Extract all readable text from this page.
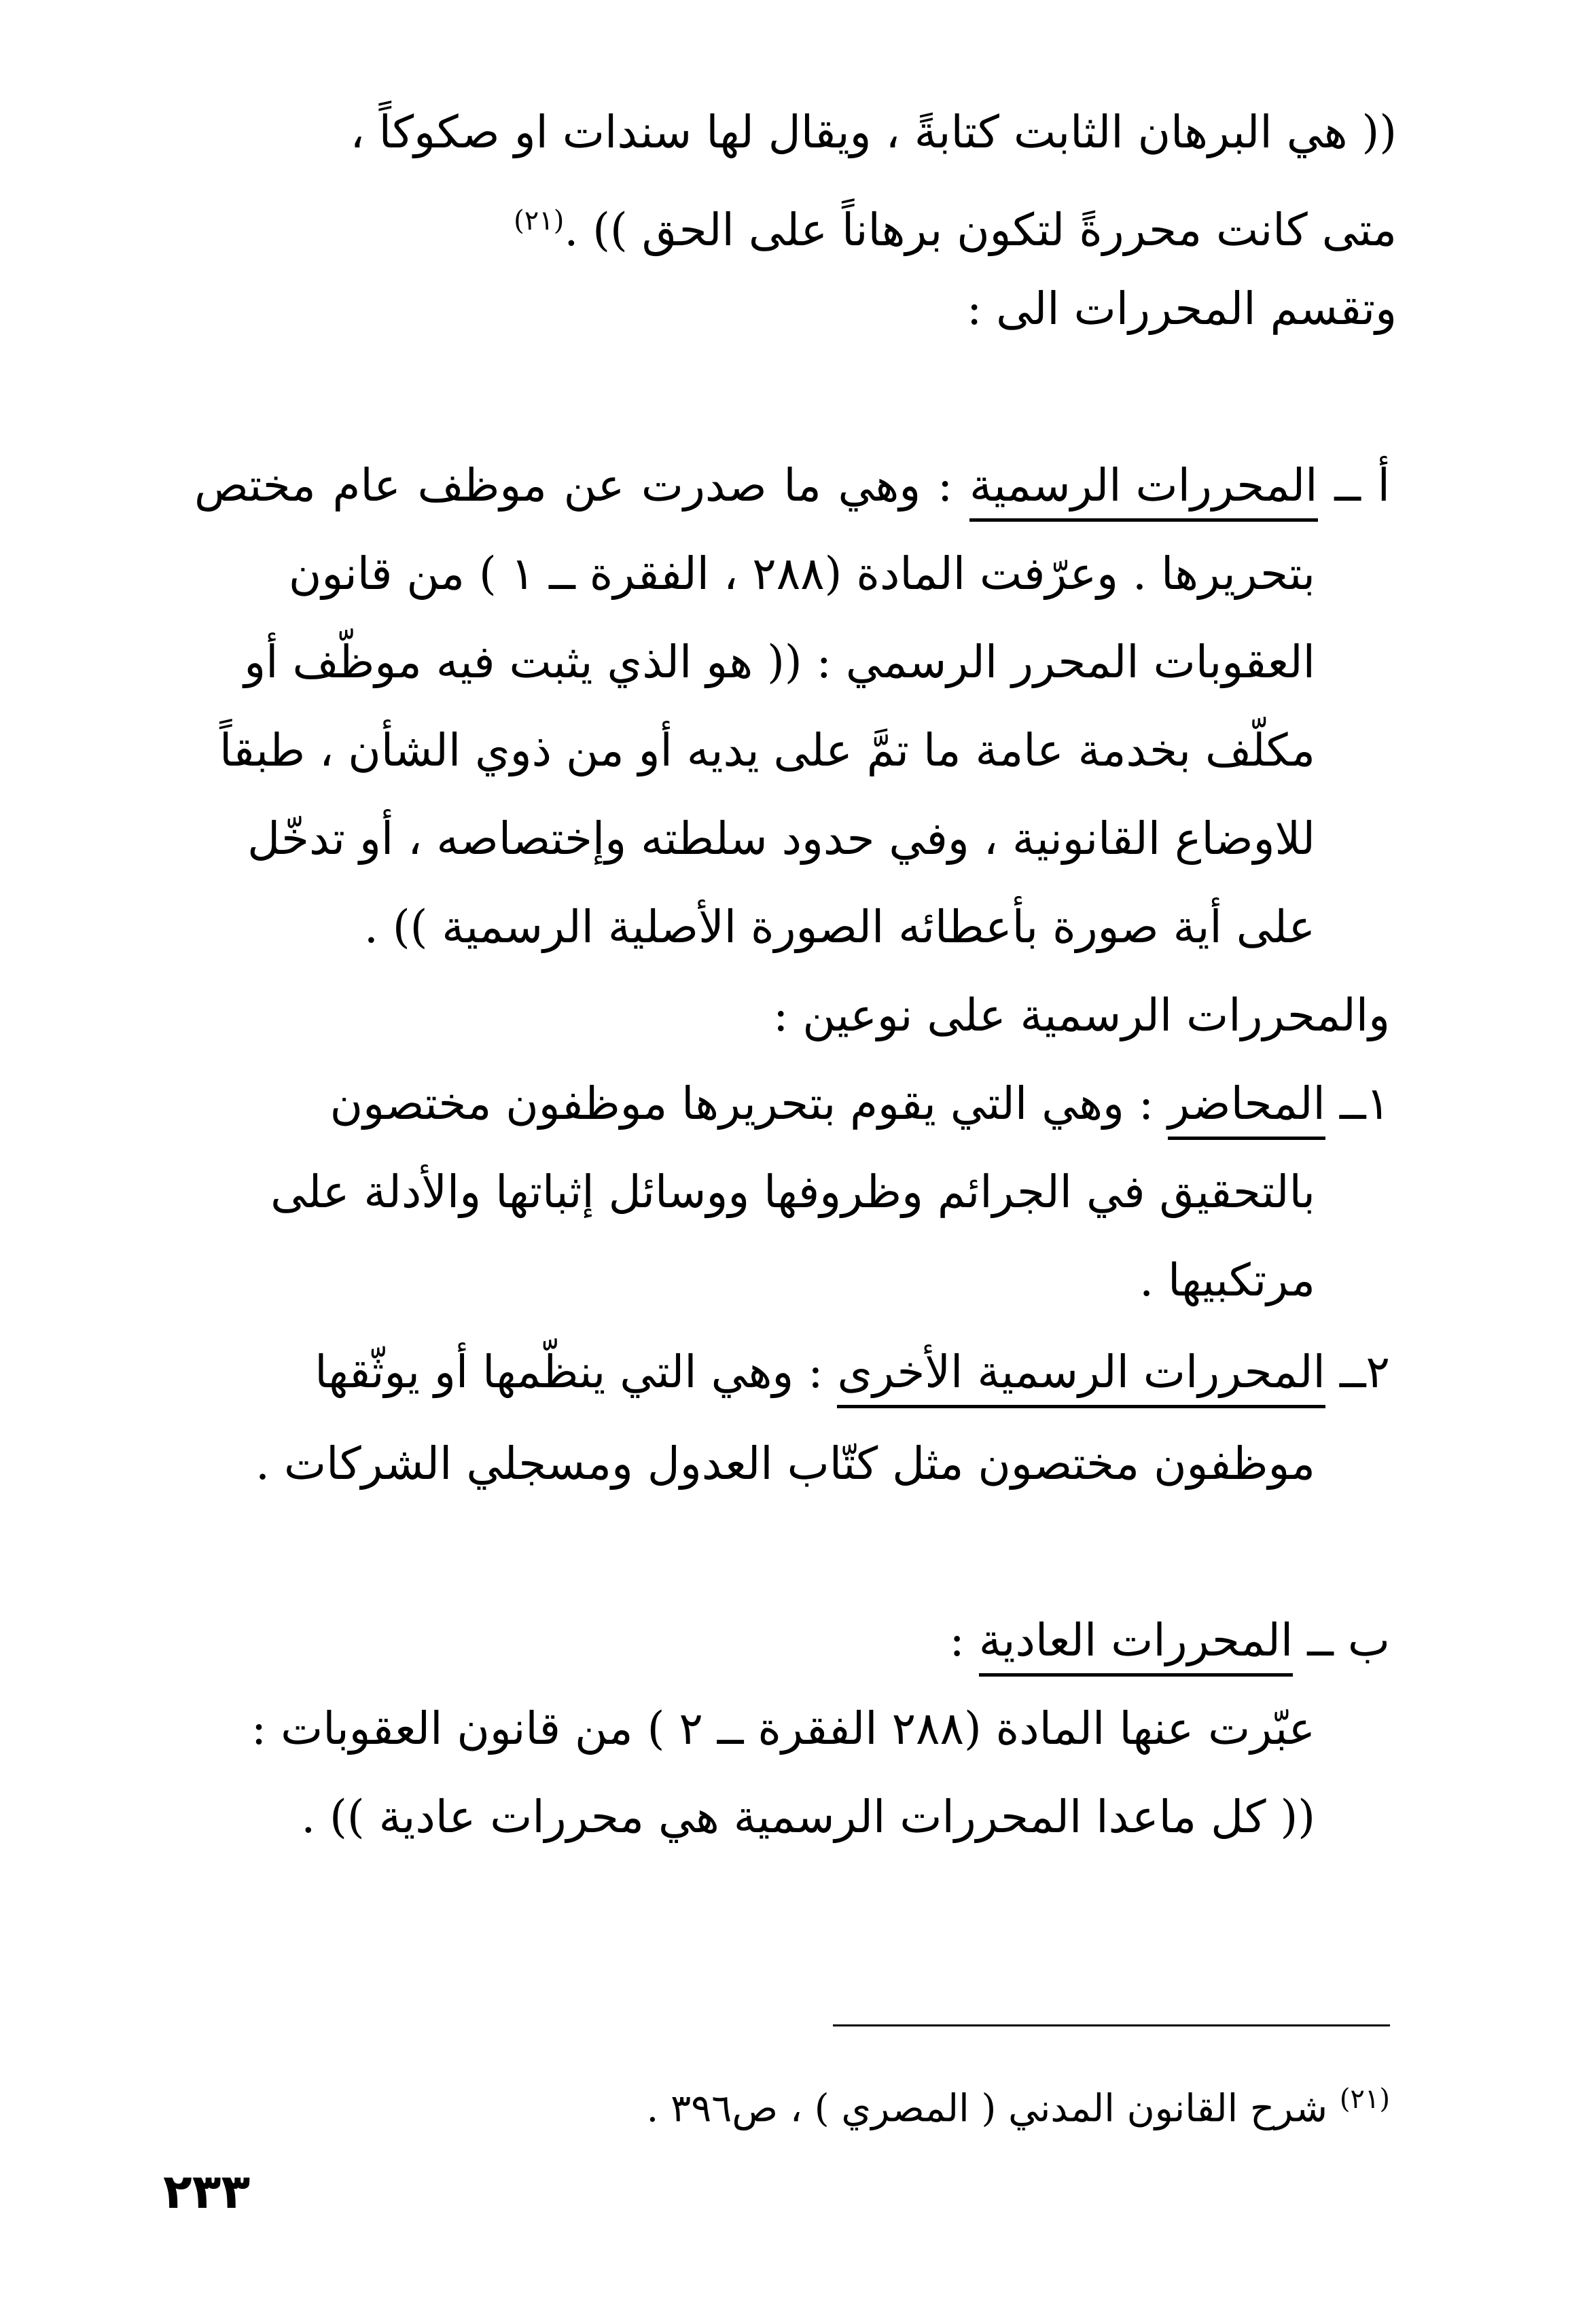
(( هي البرهان الثابت كتابةً ، ويقال لها سندات او صكوكاً ،
متى كانت محررةً لتكون برهاناً على الحق )) .$^{(٢١)}$
وتقسم المحررات الى :
أ ــ المحررات الرسمية : وهي ما صدرت عن موظف عام مختص
بتحريرها . وعرّفت المادة (٢٨٨ ، الفقرة ــ ١ ) من قانون
العقوبات المحرر الرسمي : (( هو الذي يثبت فيه موظّف أو
مكلّف بخدمة عامة ما تمَّ على يديه أو من ذوي الشأن ، طبقاً
للاوضاع القانونية ، وفي حدود سلطته وإختصاصه ، أو تدخّل
على أية صورة بأعطائه الصورة الأصلية الرسمية )) .
والمحررات الرسمية على نوعين :
١ــ المحاضر : وهي التي يقوم بتحريرها موظفون مختصون
بالتحقيق في الجرائم وظروفها ووسائل إثباتها والأدلة على
مرتكبيها .
٢ــ المحررات الرسمية الأخرى : وهي التي ينظّمها أو يوثّقها
موظفون مختصون مثل كتّاب العدول ومسجلي الشركات .
ب ــ المحررات العادية :
عبّرت عنها المادة (٢٨٨ الفقرة ــ ٢ ) من قانون العقوبات :
(( كل ماعدا المحررات الرسمية هي محررات عادية )) .
$^{(٢١)}$ شرح القانون المدني ( المصري ) ، ص٣٩٦ .
٢٣٣
